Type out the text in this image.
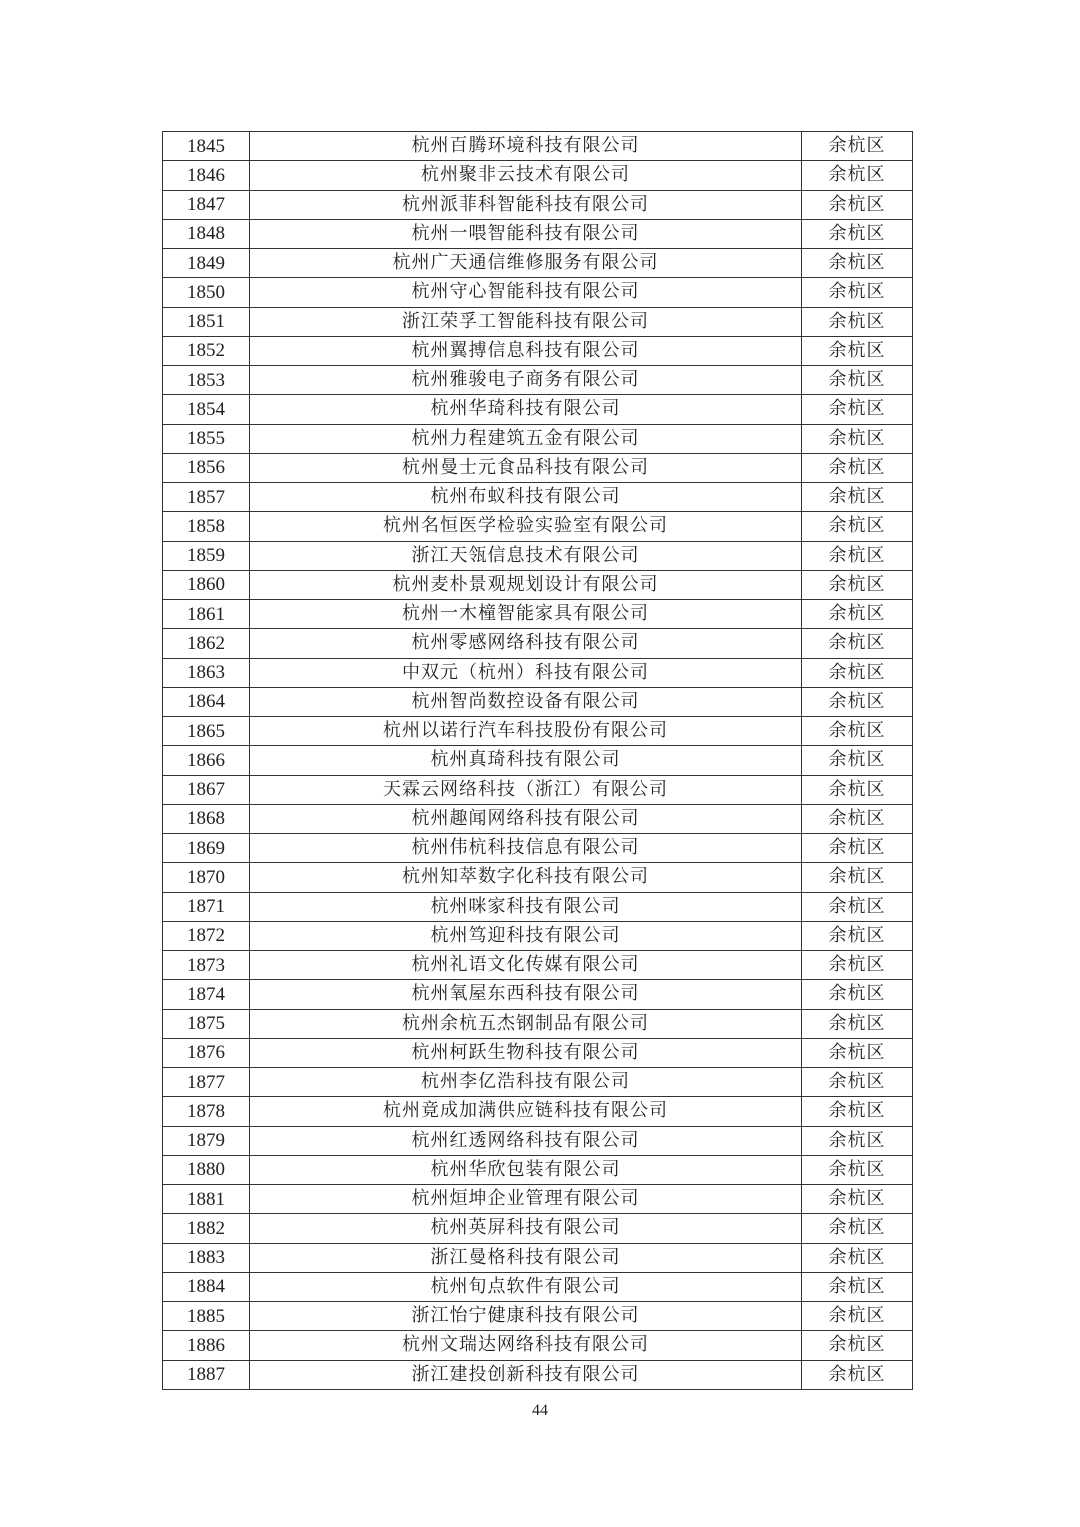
1845	杭州百腾环境科技有限公司	余杭区
1846	杭州聚非云技术有限公司	余杭区
1847	杭州派菲科智能科技有限公司	余杭区
1848	杭州一喂智能科技有限公司	余杭区
1849	杭州广天通信维修服务有限公司	余杭区
1850	杭州守心智能科技有限公司	余杭区
1851	浙江荣孚工智能科技有限公司	余杭区
1852	杭州翼搏信息科技有限公司	余杭区
1853	杭州雅骏电子商务有限公司	余杭区
1854	杭州华琦科技有限公司	余杭区
1855	杭州力程建筑五金有限公司	余杭区
1856	杭州曼士元食品科技有限公司	余杭区
1857	杭州布蚁科技有限公司	余杭区
1858	杭州名恒医学检验实验室有限公司	余杭区
1859	浙江天瓴信息技术有限公司	余杭区
1860	杭州麦朴景观规划设计有限公司	余杭区
1861	杭州一木橦智能家具有限公司	余杭区
1862	杭州零感网络科技有限公司	余杭区
1863	中双元（杭州）科技有限公司	余杭区
1864	杭州智尚数控设备有限公司	余杭区
1865	杭州以诺行汽车科技股份有限公司	余杭区
1866	杭州真琦科技有限公司	余杭区
1867	天霖云网络科技（浙江）有限公司	余杭区
1868	杭州趣闻网络科技有限公司	余杭区
1869	杭州伟杭科技信息有限公司	余杭区
1870	杭州知萃数字化科技有限公司	余杭区
1871	杭州咪家科技有限公司	余杭区
1872	杭州笃迎科技有限公司	余杭区
1873	杭州礼语文化传媒有限公司	余杭区
1874	杭州氧屋东西科技有限公司	余杭区
1875	杭州余杭五杰钢制品有限公司	余杭区
1876	杭州柯跃生物科技有限公司	余杭区
1877	杭州李亿浩科技有限公司	余杭区
1878	杭州竟成加满供应链科技有限公司	余杭区
1879	杭州红透网络科技有限公司	余杭区
1880	杭州华欣包装有限公司	余杭区
1881	杭州烜坤企业管理有限公司	余杭区
1882	杭州英屏科技有限公司	余杭区
1883	浙江曼格科技有限公司	余杭区
1884	杭州旬点软件有限公司	余杭区
1885	浙江怡宁健康科技有限公司	余杭区
1886	杭州文瑞达网络科技有限公司	余杭区
1887	浙江建投创新科技有限公司	余杭区
44
